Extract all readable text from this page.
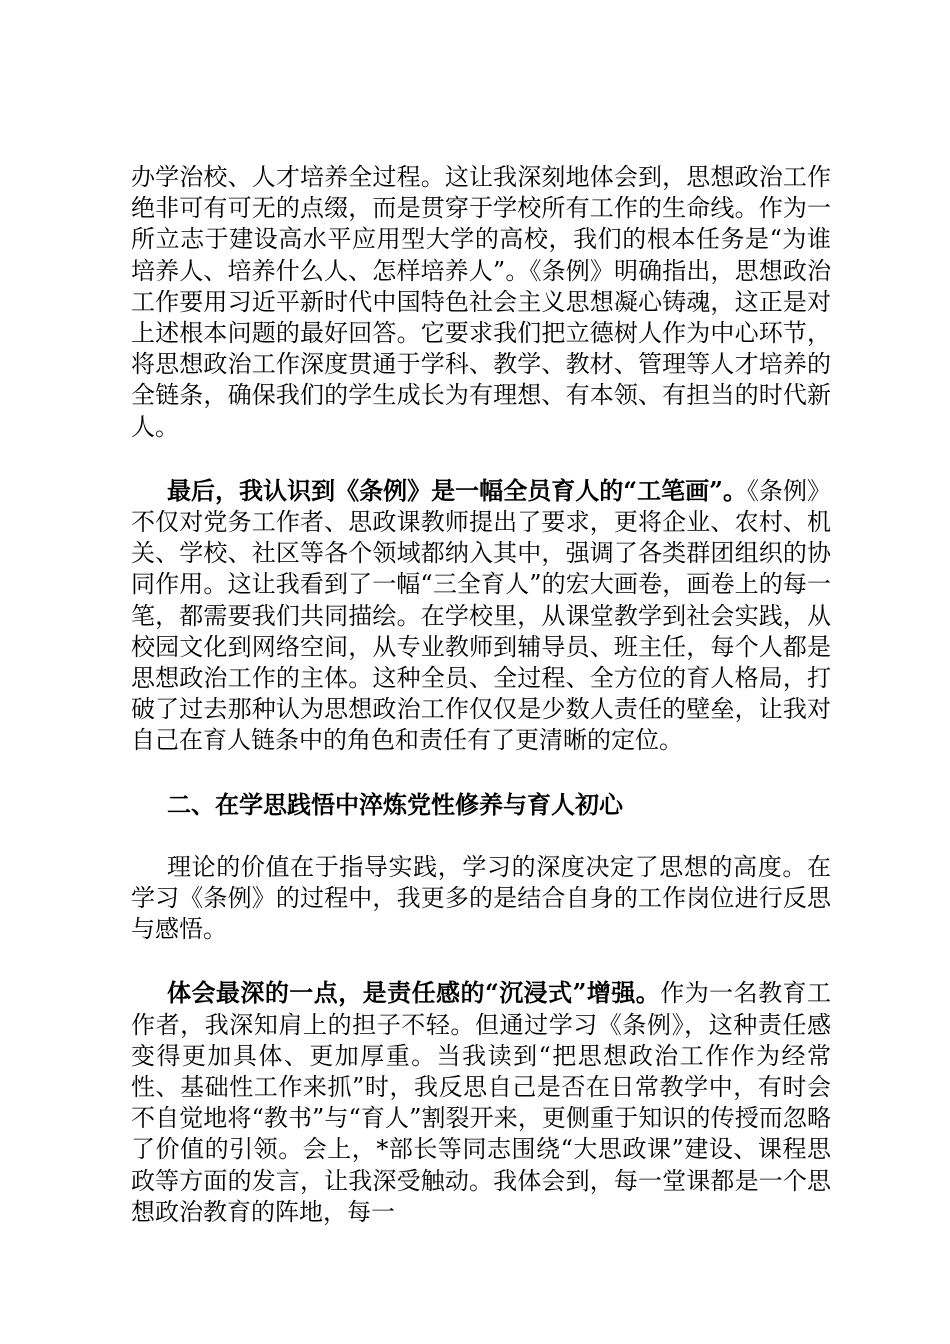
办学治校、人才培养全过程。这让我深刻地体会到，思想政治工作绝非可有可无的点缀，而是贯穿于学校所有工作的生命线。作为一所立志于建设高水平应用型大学的高校，我们的根本任务是“为谁培养人、培养什么人、怎样培养人”。《条例》明确指出，思想政治工作要用习近平新时代中国特色社会主义思想凝心铸魂，这正是对上述根本问题的最好回答。它要求我们把立德树人作为中心环节，将思想政治工作深度贯通于学科、教学、教材、管理等人才培养的全链条，确保我们的学生成长为有理想、有本领、有担当的时代新人。

最后，我认识到《条例》是一幅全员育人的“工笔画”。《条例》不仅对党务工作者、思政课教师提出了要求，更将企业、农村、机关、学校、社区等各个领域都纳入其中，强调了各类群团组织的协同作用。这让我看到了一幅“三全育人”的宏大画卷，画卷上的每一笔，都需要我们共同描绘。在学校里，从课堂教学到社会实践，从校园文化到网络空间，从专业教师到辅导员、班主任，每个人都是思想政治工作的主体。这种全员、全过程、全方位的育人格局，打破了过去那种认为思想政治工作仅仅是少数人责任的壁垒，让我对自己在育人链条中的角色和责任有了更清晰的定位。

二、在学思践悟中淬炼党性修养与育人初心

理论的价值在于指导实践，学习的深度决定了思想的高度。在学习《条例》的过程中，我更多的是结合自身的工作岗位进行反思与感悟。

体会最深的一点，是责任感的“沉浸式”增强。作为一名教育工作者，我深知肩上的担子不轻。但通过学习《条例》，这种责任感变得更加具体、更加厚重。当我读到“把思想政治工作作为经常性、基础性工作来抓”时，我反思自己是否在日常教学中，有时会不自觉地将“教书”与“育人”割裂开来，更侧重于知识的传授而忽略了价值的引领。会上，*部长等同志围绕“大思政课”建设、课程思政等方面的发言，让我深受触动。我体会到，每一堂课都是一个思想政治教育的阵地，每一
